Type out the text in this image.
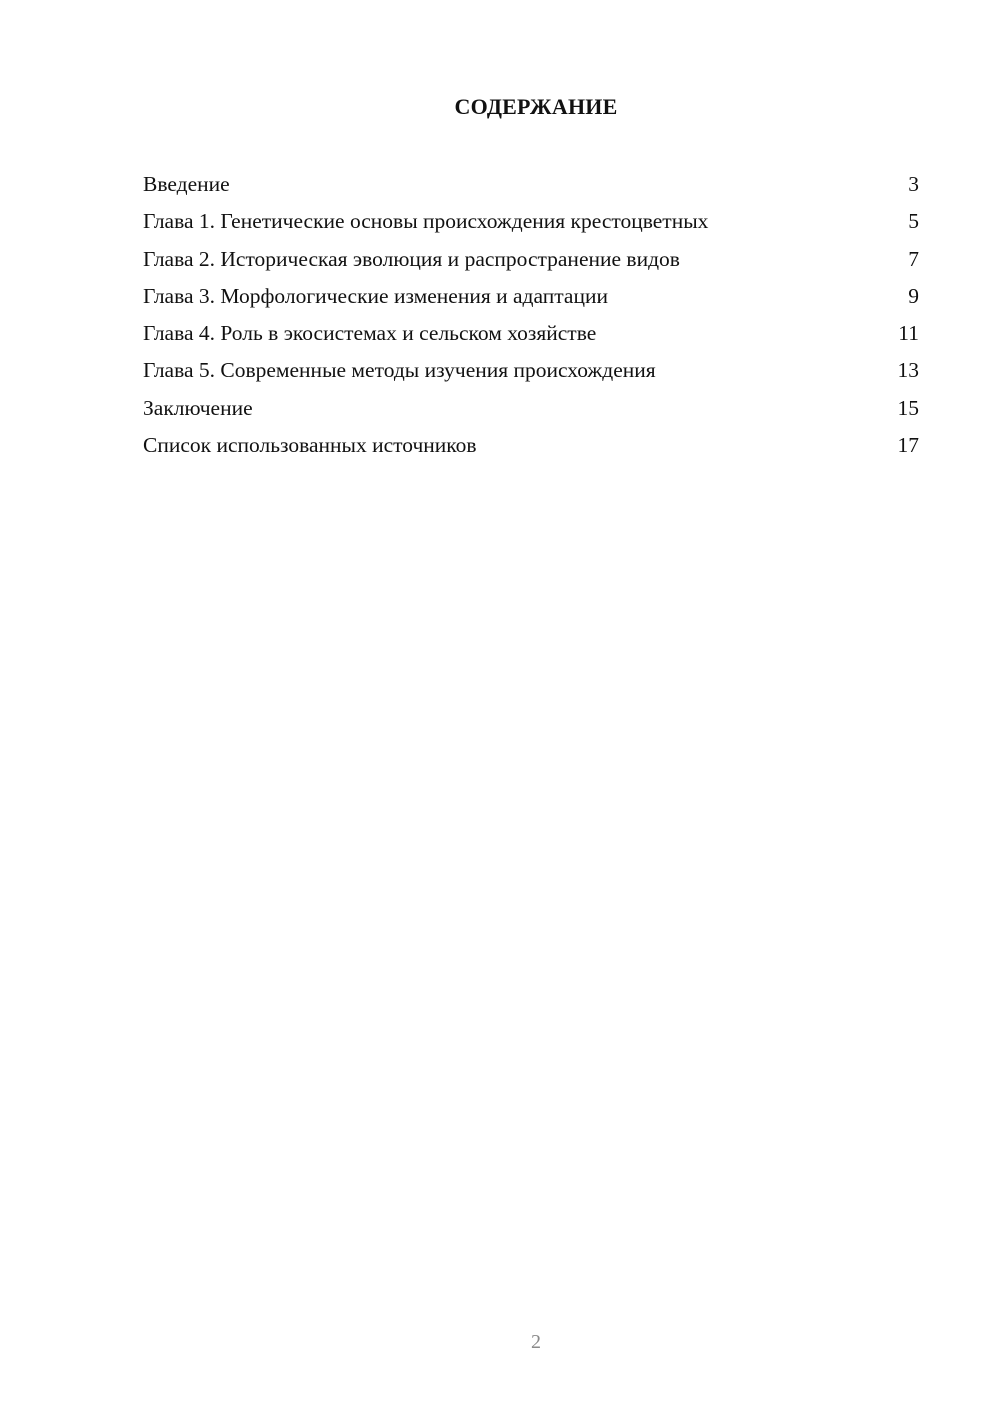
СОДЕРЖАНИЕ
Введение	3
Глава 1. Генетические основы происхождения крестоцветных	5
Глава 2. Историческая эволюция и распространение видов	7
Глава 3. Морфологические изменения и адаптации	9
Глава 4. Роль в экосистемах и сельском хозяйстве	11
Глава 5. Современные методы изучения происхождения	13
Заключение	15
Список использованных источников	17
2
